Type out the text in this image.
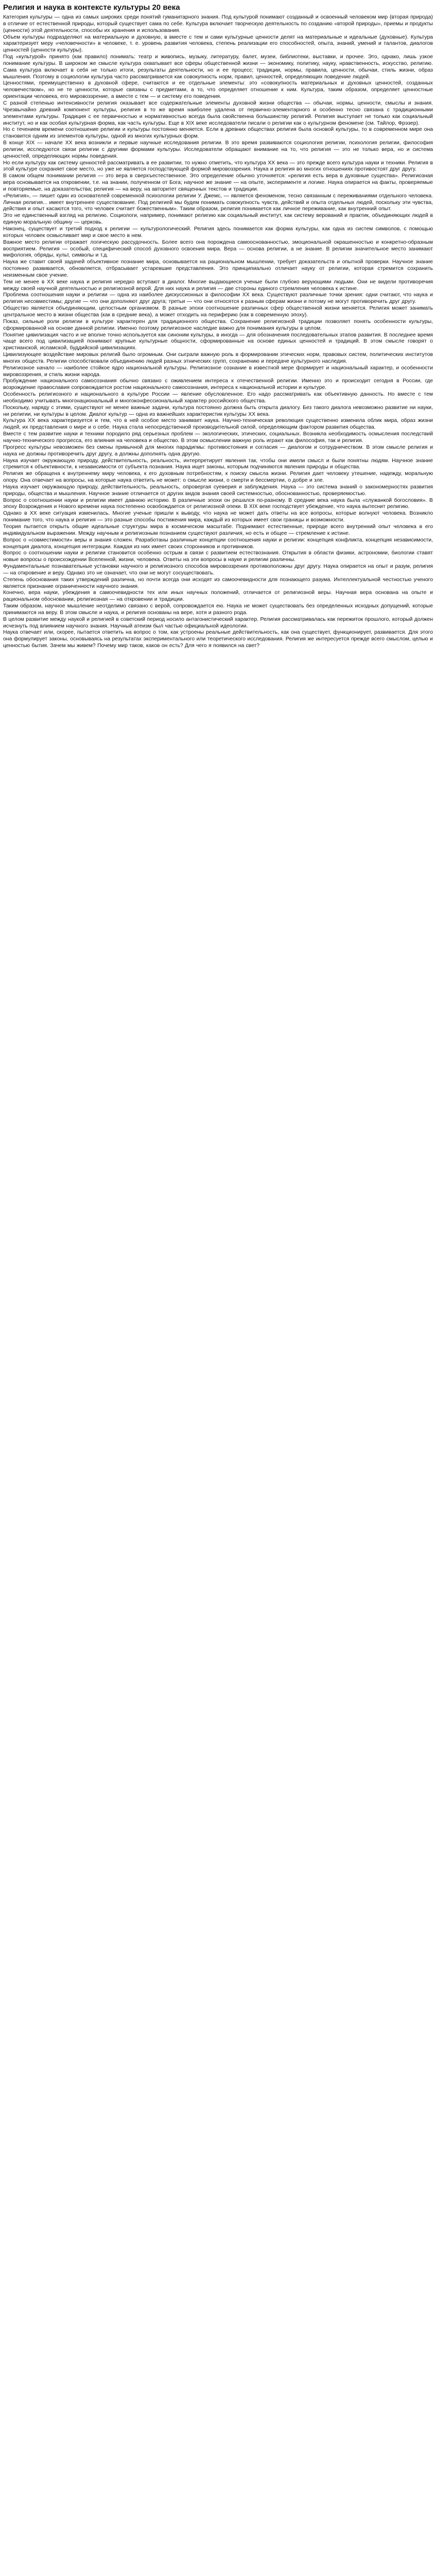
Религия и наука в контексте культуры 20 века

Категория культуры — одна из самых широких среди понятий гуманитарного знания. Под культурой понимают созданный и освоенный человеком мир (вторая природа) в отличие от естественной природы, который существует сама по себе. Культура включает творческую деятельность по созданию «второй природы», приемы и продукты (ценности) этой деятельности, способы их хранения и использования.

Объем культуры подразделяют на материальную и духовную, в вместе с тем и сами культурные ценности делят на материальные и идеальные (духовные). Культура характеризует меру «человечности» в человеке, т. е. уровень развития человека, степень реализации его способностей, опыта, знаний, умений и талантов, диалогов ценностей (ценности культуры).

Под «культурой» принято (как правило) понимать: театр и живопись, музыку, литературу, балет, музеи, библиотеки, выставки, и прочее. Это, однако, лишь узкое понимание культуры. В широком же смысле культура охватывает все сферы общественной жизни — экономику, политику, науку, нравственность, искусство, религию. Сама культура включает в себя не только итоги, результаты деятельности, но и ее процесс; традиции, нормы, правила, ценности, обычаи, стиль жизни, образ мышления. Поэтому в социологии культура часто рассматривается как совокупность норм, правил, ценностей, определяющих поведение людей.

Ценностями, преимущественно в духовной сфере, считаются и ее отдельные элементы: это «совокупность материальных и духовных ценностей, созданных человечеством», но не те ценности, которые связаны с предметами, а то, что определяет отношение к ним. Культура, таким образом, определяет ценностные ориентации человека, его мировоззрение, а вместе с тем — и систему его поведения.

С разной степенью интенсивности религия оказывает все содержательные элементы духовной жизни общества — обычаи, нормы, ценности, смыслы и знания. Чрезвычайно древний компонент культуры, религия в то же время наиболее удалена от первично-элементарного и особенно тесно связана с традиционными элементами культуры. Традиция с ее первичностью и нормативностью всегда была свойственна большинству религий. Религия выступает не только как социальный институт, но и как особая культурная форма, как часть культуры. Еще в XIX веке исследователи писали о религии как о культурном феномене (см. Тайлор, Фрэзер).

Но с течением времени соотношение религии и культуры постоянно меняется. Если в древних обществах религия была основой культуры, то в современном мире она становится одним из элементов культуры, одной из многих культурных форм.

В конце XIX — начале XX века возникли и первые научные исследования религии. В это время развиваются социология религии, психология религии, философия религии, исследуются связи религии с другими формами культуры. Исследователи обращают внимание на то, что религия — это не только вера, но и система ценностей, определяющих нормы поведения.

Но если культуру как систему ценностей рассматривать в ее развитии, то нужно отметить, что культура XX века — это прежде всего культура науки и техники. Религия в этой культуре сохраняет свое место, но уже не является господствующей формой мировоззрения. Наука и религия во многих отношениях противостоят друг другу.

В самом общем понимании религия — это вера в сверхъестественное. Это определение обычно уточняется: «религия есть вера в духовные существа». Религиозная вера основывается на откровении, т.е. на знании, полученном от Бога; научное же знание — на опыте, эксперименте и логике. Наука опирается на факты, проверяемые и повторяемые, на доказательства; религия — на веру, на авторитет священных текстов и традиции.

«Религия», — пишет один из основателей современной психологии религии У. Джемс, — является феноменом, тесно связанным с переживаниями отдельного человека. Личная религия... имеет внутреннее существование. Под религией мы будем понимать совокупность чувств, действий и опыта отдельных людей, поскольку эти чувства, действия и опыт касаются того, что человек считает божественным». Таким образом, религия понимается как личное переживание, как внутренний опыт.

Это не единственный взгляд на религию. Социологи, например, понимают религию как социальный институт, как систему верований и практик, объединяющих людей в единую моральную общину — церковь.

Наконец, существует и третий подход к религии — культурологический. Религия здесь понимается как форма культуры, как одна из систем символов, с помощью которых человек осмысливает мир и свое место в нем.

Важное место религии отражает логическую рассудочность. Более всего она порождена самооснованностью, эмоциональной окрашенностью и конкретно-образным восприятием. Религия — особый, специфический способ духовного освоения мира. Вера — основа религии, а не знание. В религии значительное место занимают мифология, обряды, культ, символы и т.д.

Наука же ставит своей задачей объективное познание мира, основывается на рациональном мышлении, требует доказательств и опытной проверки. Научное знание постоянно развивается, обновляется, отбрасывает устаревшие представления. Это принципиально отличает науку от религии, которая стремится сохранить неизменным свое учение.

Тем не менее в XX веке наука и религия нередко вступают в диалог. Многие выдающиеся ученые были глубоко верующими людьми. Они не видели противоречия между своей научной деятельностью и религиозной верой. Для них наука и религия — две стороны единого стремления человека к истине.

Проблема соотношения науки и религии — одна из наиболее дискуссионных в философии XX века. Существуют различные точки зрения: одни считают, что наука и религия несовместимы; другие — что они дополняют друг друга; третьи — что они относятся к разным сферам жизни и потому не могут противоречить друг другу.

Общество является объединяющим, целостным организмом. В разные эпохи соотношение различных сфер общественной жизни меняется. Религия может занимать центральное место в жизни общества (как в средние века), а может отходить на периферию (как в современную эпоху).

Показ, сильные роли религии в культуре характерен для традиционного общества. Сохранение религиозной традиции позволяет понять особенности культуры, сформированной на основе данной религии. Именно поэтому религиозное наследие важно для понимания культуры в целом.

Понятие цивилизация часто и не вполне точно используется как синоним культуры, в иногда — для обозначения последовательных этапов развития. В последнее время чаще всего под цивилизацией понимают крупные культурные общности, сформированные на основе единых ценностей и традиций. В этом смысле говорят о христианской, исламской, буддийской цивилизациях.

Цивилизующее воздействие мировых религий было огромным. Они сыграли важную роль в формировании этических норм, правовых систем, политических институтов многих обществ. Религии способствовали объединению людей разных этнических групп, сохранению и передаче культурного наследия.

Религиозное начало — наиболее стойкое ядро национальной культуры. Религиозное сознание в известной мере формирует и национальный характер, и особенности мировоззрения, и стиль жизни народа.

Пробуждение национального самосознания обычно связано с оживлением интереса к отечественной религии. Именно это и происходит сегодня в России, где возрождение православия сопровождается ростом национального самосознания, интереса к национальной истории и культуре.

Особенность религиозного и национального в культуре России — явление обусловленное. Его надо рассматривать как объективную данность. Но вместе с тем необходимо учитывать многонациональный и многоконфессиональный характер российского общества.

Поскольку, наряду с этими, существуют не менее важные задачи, культура постоянно должна быть открыта диалогу. Без такого диалога невозможно развитие ни науки, ни религии, ни культуры в целом. Диалог культур — одна из важнейших характеристик культуры XX века.

Культура XX века характеризуется и тем, что в ней особое место занимает наука. Научно-техническая революция существенно изменила облик мира, образ жизни людей, их представления о мире и о себе. Наука стала непосредственной производительной силой, определяющим фактором развития общества.

Вместе с тем развитие науки и техники породило ряд серьезных проблем — экологических, этических, социальных. Возникла необходимость осмысления последствий научно-технического прогресса, его влияния на человека и общество. В этом осмыслении важную роль играют как философия, так и религия.

Прогресс культуры невозможен без смены привычной для многих парадигмы: противостояния и согласия — диалогом и сотрудничеством. В этом смысле религия и наука не должны противоречить друг другу, а должны дополнять одна другую.

Наука изучает окружающую природу, действительность, реальность, интерпретирует явления так, чтобы они имели смысл и были понятны людям. Научное знание стремится к объективности, к независимости от субъекта познания. Наука ищет законы, которым подчиняются явления природы и общества.

Религия же обращена к внутреннему миру человека, к его духовным потребностям, к поиску смысла жизни. Религия дает человеку утешение, надежду, моральную опору. Она отвечает на вопросы, на которые наука ответить не может: о смысле жизни, о смерти и бессмертии, о добре и зле.

Наука изучает окружающую природу, действительность, реальность, опровергая суеверия и заблуждения. Наука — это система знаний о закономерностях развития природы, общества и мышления. Научное знание отличается от других видов знания своей системностью, обоснованностью, проверяемостью.

Вопрос о соотношении науки и религии имеет давнюю историю. В различные эпохи он решался по-разному. В средние века наука была «служанкой богословия». В эпоху Возрождения и Нового времени наука постепенно освобождается от религиозной опеки. В XIX веке господствует убеждение, что наука вытеснит религию.

Однако в XX веке ситуация изменилась. Многие ученые пришли к выводу, что наука не может дать ответы на все вопросы, которые волнуют человека. Возникло понимание того, что наука и религия — это разные способы постижения мира, каждый из которых имеет свои границы и возможности.

Теория пытается открыть общие идеальные структуры мира в космическом масштабе. Поднимают естественные, природе всего внутренний опыт человека в его индивидуальном выражении. Между научным и религиозным познанием существуют различия, но есть и общее — стремление к истине.

Вопрос о «совместимости» веры и знания сложен. Разработаны различные концепции соотношения науки и религии: концепция конфликта, концепция независимости, концепция диалога, концепция интеграции. Каждая из них имеет своих сторонников и противников.

Вопрос о соотношении науки и религии становится особенно острым в связи с развитием естествознания. Открытия в области физики, астрономии, биологии ставят новые вопросы о происхождении Вселенной, жизни, человека. Ответы на эти вопросы в науке и религии различны.

Фундаментальные познавательные установки научного и религиозного способов мировоззрения противоположны друг другу. Наука опирается на опыт и разум, религия — на откровение и веру. Однако это не означает, что они не могут сосуществовать.

Степень обоснования таких утверждений различна, но почти всегда они исходят из самоочевидности для познающего разума. Интеллектуальной честностью ученого является признание ограниченности научного знания.

Конечно, вера науки, убеждения в самоочевидности тех или иных научных положений, отличается от религиозной веры. Научная вера основана на опыте и рациональном обосновании, религиозная — на откровении и традиции.

Таким образом, научное мышление неотделимо связано с верой, сопровождается ею. Наука не может существовать без определенных исходных допущений, которые принимаются на веру. В этом смысле и наука, и религия основаны на вере, хотя и разного рода.

В целом развитие между наукой и религией в советский период носило антагонистический характер. Религия рассматривалась как пережиток прошлого, который должен исчезнуть под влиянием научного знания. Научный атеизм был частью официальной идеологии.

Наука отвечает или, скорее, пытается ответить на вопрос о том, как устроены реальные действительность, как она существует, функционирует, развивается. Для этого она формулирует законы, основываясь на результатах экспериментального или теоретического исследования. Религия же интересуется прежде всего смыслом, целью и ценностью бытия. Зачем мы живем? Почему мир таков, каков он есть? Для чего я появился на свет?
